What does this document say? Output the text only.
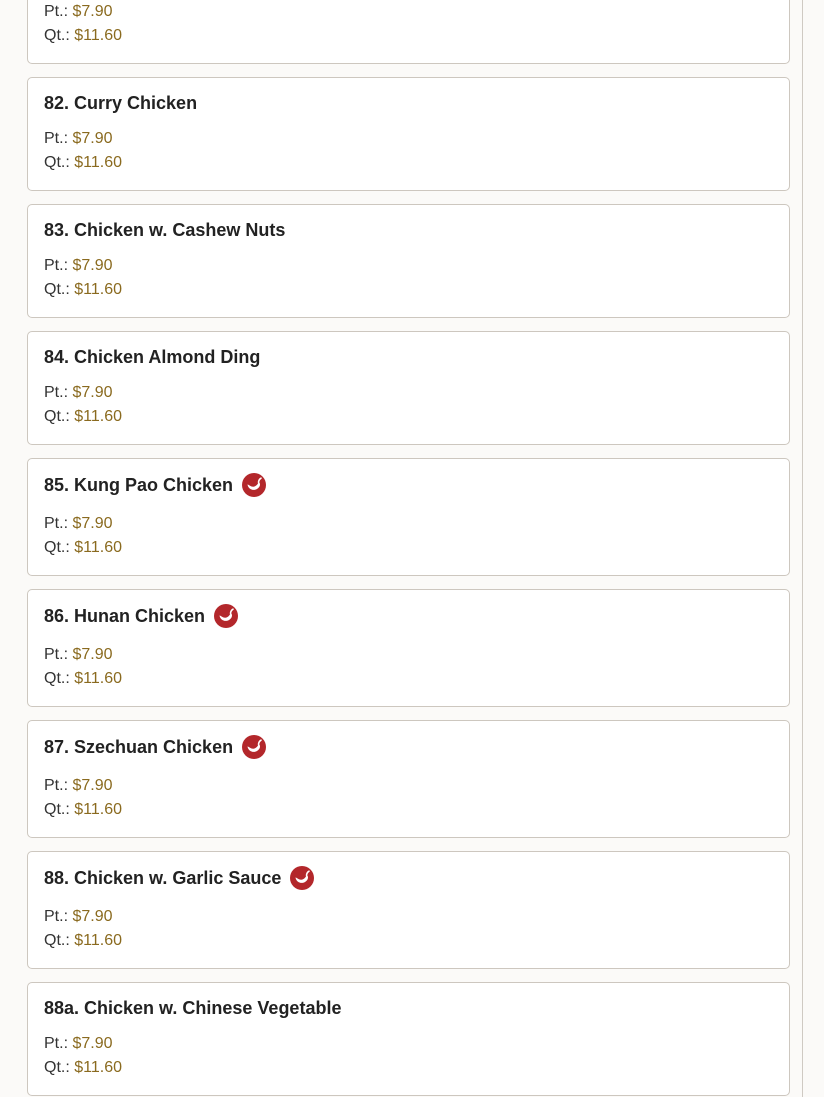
Pt.: $7.90
Qt.: $11.60
82. Curry Chicken
Pt.: $7.90
Qt.: $11.60
83. Chicken w. Cashew Nuts
Pt.: $7.90
Qt.: $11.60
84. Chicken Almond Ding
Pt.: $7.90
Qt.: $11.60
85. Kung Pao Chicken
Pt.: $7.90
Qt.: $11.60
86. Hunan Chicken
Pt.: $7.90
Qt.: $11.60
87. Szechuan Chicken
Pt.: $7.90
Qt.: $11.60
88. Chicken w. Garlic Sauce
Pt.: $7.90
Qt.: $11.60
88a. Chicken w. Chinese Vegetable
Pt.: $7.90
Qt.: $11.60
